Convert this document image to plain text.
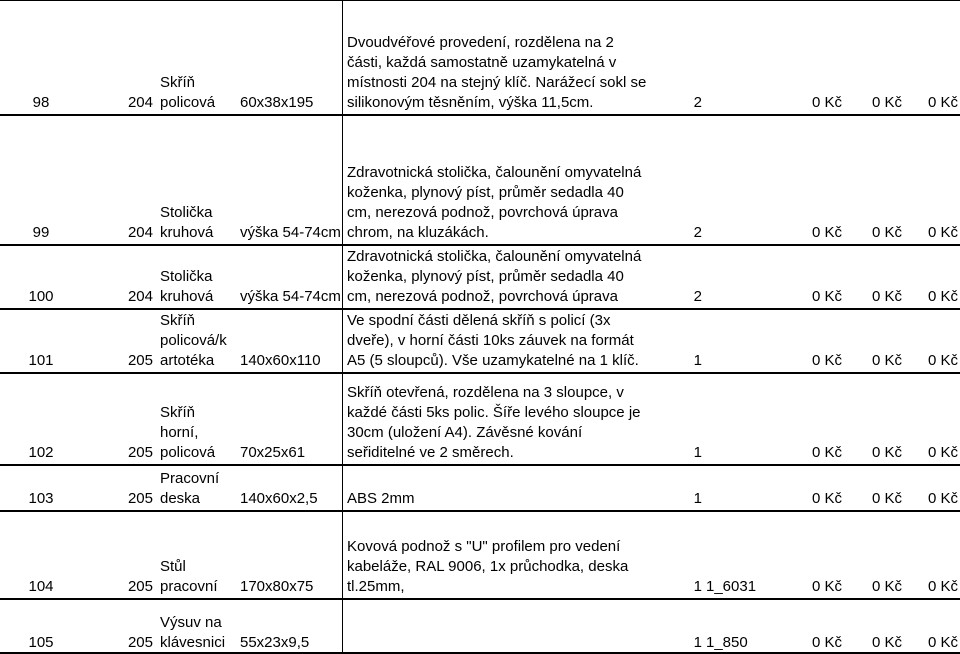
98	204
Skříň
policová 60x38x195
Dvoudvéřové provedení, rozdělena na 2
části, každá samostatně uzamykatelná v
místnosti 204 na stejný klíč. Narážecí sokl se
silikonovým těsněním, výška 11,5cm.	2	0 Kč	0 Kč	0 Kč
99	204
Stolička
kruhová výška 54-74cm
Zdravotnická stolička, čalounění omyvatelná
koženka, plynový píst, průměr sedadla 40
cm, nerezová podnož, povrchová úprava
chrom, na kluzákách.	2	0 Kč	0 Kč	0 Kč
100	204
Stolička
kruhová výška 54-74cm
Zdravotnická stolička, čalounění omyvatelná
koženka, plynový píst, průměr sedadla 40
cm, nerezová podnož, povrchová úprava	2	0 Kč	0 Kč	0 Kč
101	205
Skříň
policová/k
artotéka 140x60x110
Ve spodní části dělená skříň s policí (3x
dveře), v horní části 10ks záuvek na formát
A5 (5 sloupců). Vše uzamykatelné na 1 klíč.	1	0 Kč	0 Kč	0 Kč
102	205
Skříň
horní,
policová 70x25x61
Skříň otevřená, rozdělena na 3 sloupce, v
každé části 5ks polic. Šíře levého sloupce je
30cm (uložení A4). Závěsné kování
seřiditelné ve 2 směrech.	1	0 Kč	0 Kč	0 Kč
103	205
Pracovní
deska	140x60x2,5 ABS 2mm	1	0 Kč	0 Kč	0 Kč
104	205
Stůl
pracovní 170x80x75
Kovová podnož s "U" profilem pro vedení
kabeláže, RAL 9006, 1x průchodka, deska
tl.25mm,	1 1_6031	0 Kč	0 Kč	0 Kč
105	205
Výsuv na
klávesnici 55x23x9,5	1 1_850	0 Kč	0 Kč	0 Kč
